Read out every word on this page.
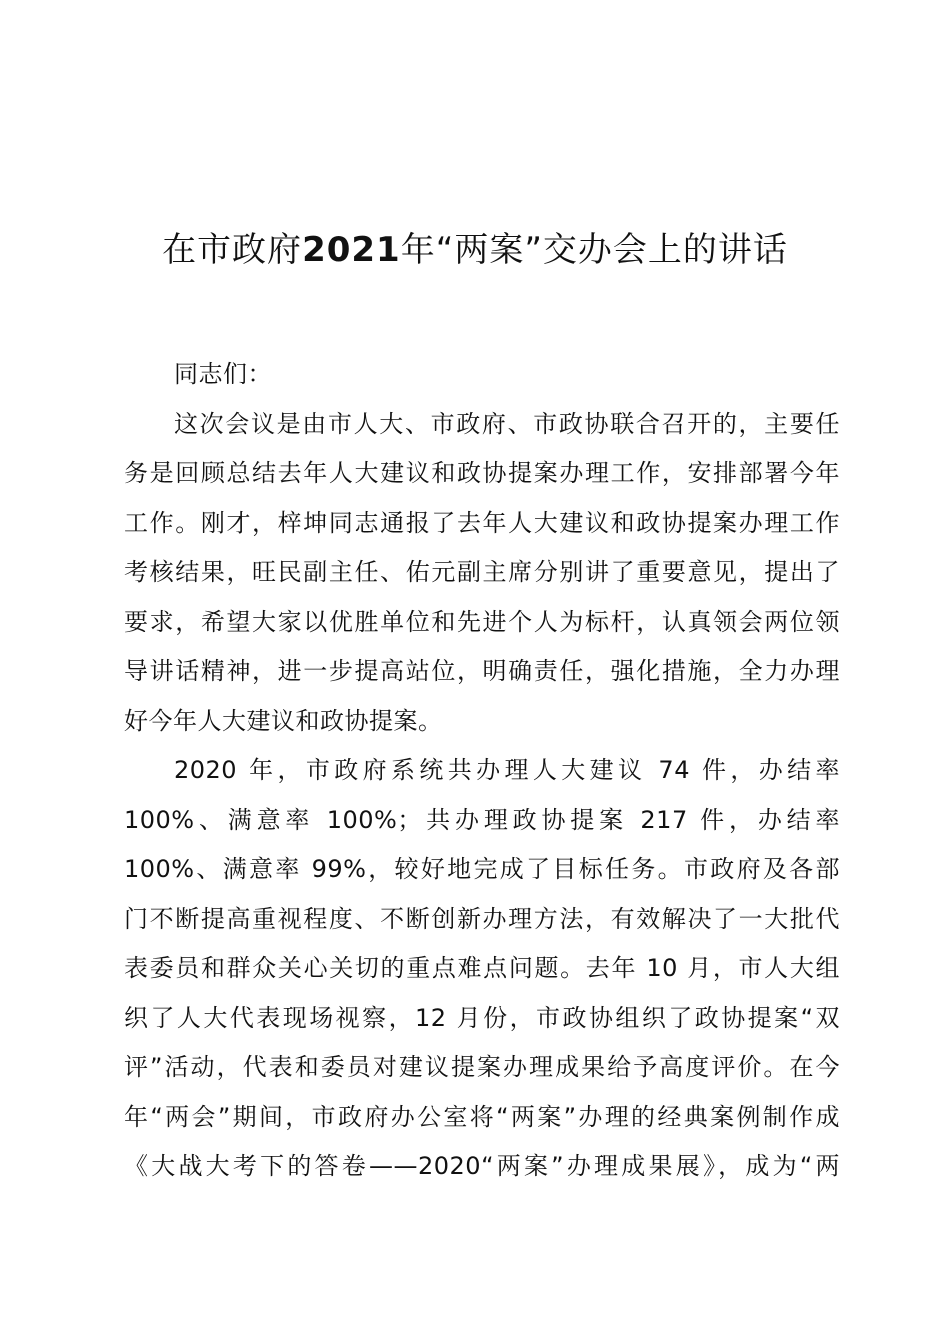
在市政府2021年“两案”交办会上的讲话
同志们：
这次会议是由市人大、市政府、市政协联合召开的，主要任
务是回顾总结去年人大建议和政协提案办理工作，安排部署今年
工作。刚才，梓坤同志通报了去年人大建议和政协提案办理工作
考核结果，旺民副主任、佑元副主席分别讲了重要意见，提出了
要求，希望大家以优胜单位和先进个人为标杆，认真领会两位领
导讲话精神，进一步提高站位，明确责任，强化措施，全力办理
好今年人大建议和政协提案。
2020 年，市政府系统共办理人大建议 74 件，办结率
100%、满意率 100%；共办理政协提案 217 件，办结率
100%、满意率 99%，较好地完成了目标任务。市政府及各部
门不断提高重视程度、不断创新办理方法，有效解决了一大批代
表委员和群众关心关切的重点难点问题。去年 10 月，市人大组
织了人大代表现场视察，12 月份，市政协组织了政协提案“双
评”活动，代表和委员对建议提案办理成果给予高度评价。在今
年“两会”期间，市政府办公室将“两案”办理的经典案例制作成
《大战大考下的答卷——2020“两案”办理成果展》，成为“两
